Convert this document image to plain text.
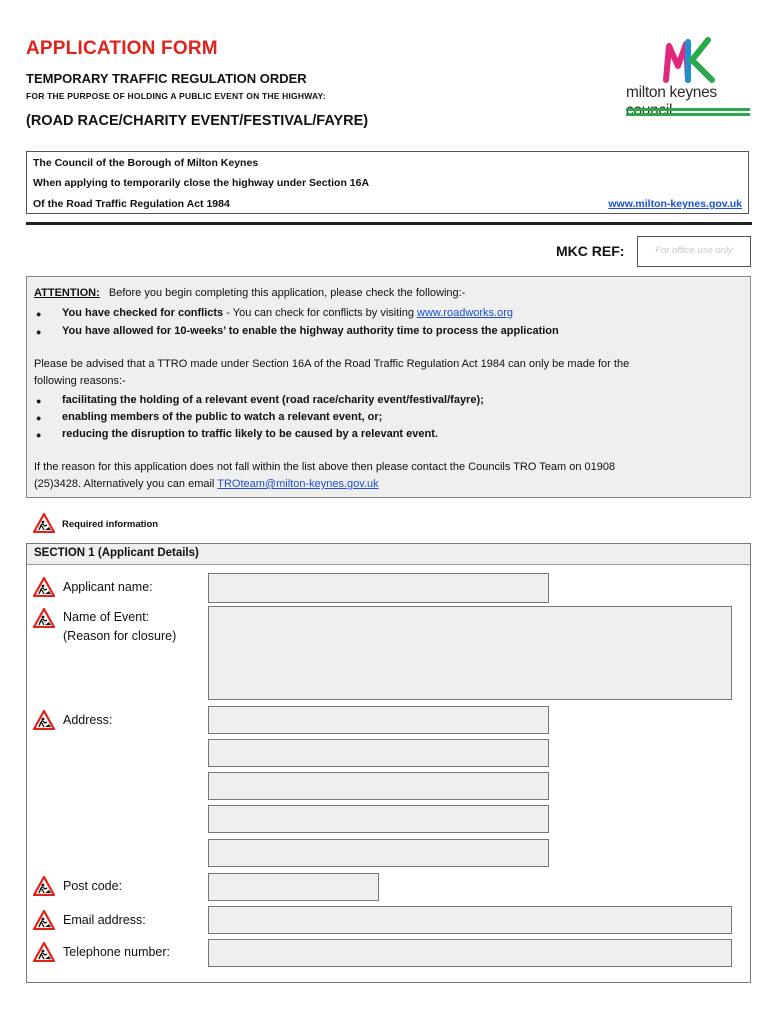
APPLICATION FORM
TEMPORARY TRAFFIC REGULATION ORDER
FOR THE PURPOSE OF HOLDING A PUBLIC EVENT ON THE HIGHWAY:
(ROAD RACE/CHARITY EVENT/FESTIVAL/FAYRE)
milton keynes
The Council of the Borough of Milton Keynes
When applying to temporarily close the highway under Section 16A
Of the Road Traffic Regulation Act 1984	www.milton-keynes.gov.uk
MKC REF:	For office use only
ATTENTION: Before you begin completing this application, please check the following:-
● You have checked for conflicts - You can check for conflicts by visiting www.roadworks.org
● You have allowed for 10-weeks’ to enable the highway authority time to process the application
Please be advised that a TTRO made under Section 16A of the Road Traffic Regulation Act 1984 can only be made for the
following reasons:-
● facilitating the holding of a relevant event (road race/charity event/festival/fayre);
● enabling members of the public to watch a relevant event, or;
● reducing the disruption to traffic likely to be caused by a relevant event.
If the reason for this application does not fall within the list above then please contact the Councils TRO Team on 01908
(25)3428. Alternatively you can email TROteam@milton-keynes.gov.uk
Required information
SECTION 1 (Applicant Details)
Applicant name:
Name of Event:
(Reason for closure)
Address:
Post code:
Email address:
Telephone number:
